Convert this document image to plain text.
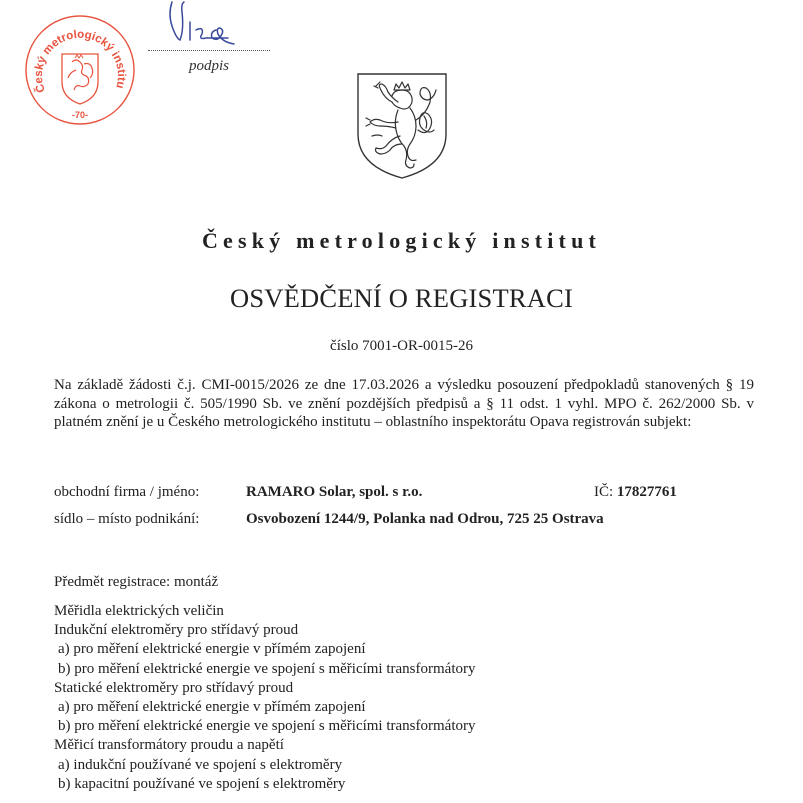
Český metrologický institu
-70-
podpis
Český metrologický institut
OSVĚDČENÍ O REGISTRACI
číslo 7001-OR-0015-26
Na základě žádosti č.j. CMI-0015/2026 ze dne 17.03.2026 a výsledku posouzení předpokladů stanovených § 19 zákona o metrologii č. 505/1990 Sb. ve znění pozdějších předpisů a § 11 odst. 1 vyhl. MPO č. 262/2000 Sb. v platném znění je u Českého metrologického institutu – oblastního inspektorátu Opava registrován subjekt:
obchodní firma / jméno:	RAMARO Solar, spol. s r.o.	IČ: 17827761
sídlo – místo podnikání:	Osvobození 1244/9, Polanka nad Odrou, 725 25 Ostrava
Předmět registrace: montáž
Měřidla elektrických veličin
Indukční elektroměry pro střídavý proud
a) pro měření elektrické energie v přímém zapojení
b) pro měření elektrické energie ve spojení s měřicími transformátory
Statické elektroměry pro střídavý proud
a) pro měření elektrické energie v přímém zapojení
b) pro měření elektrické energie ve spojení s měřicími transformátory
Měřicí transformátory proudu a napětí
a) indukční používané ve spojení s elektroměry
b) kapacitní používané ve spojení s elektroměry
